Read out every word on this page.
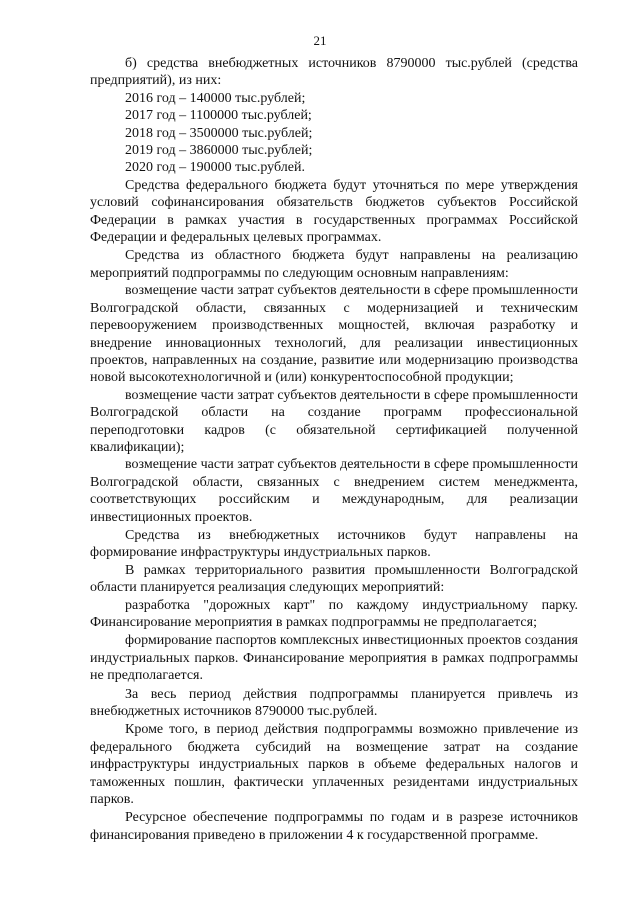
21

б) средства внебюджетных источников 8790000 тыс.рублей (средства предприятий), из них:

2016 год – 140000 тыс.рублей;

2017 год – 1100000 тыс.рублей;

2018 год – 3500000 тыс.рублей;

2019 год – 3860000 тыс.рублей;

2020 год – 190000 тыс.рублей.

Средства федерального бюджета будут уточняться по мере утверждения условий софинансирования обязательств бюджетов субъектов Российской Федерации в рамках участия в государственных программах Российской Федерации и федеральных целевых программах.

Средства из областного бюджета будут направлены на реализацию мероприятий подпрограммы по следующим основным направлениям:

возмещение части затрат субъектов деятельности в сфере промышленности Волгоградской области, связанных с модернизацией и техническим перевооружением производственных мощностей, включая разработку и внедрение инновационных технологий, для реализации инвестиционных проектов, направленных на создание, развитие или модернизацию производства новой высокотехнологичной и (или) конкурентоспособной продукции;

возмещение части затрат субъектов деятельности в сфере промышленности Волгоградской области на создание программ профессиональной переподготовки кадров (с обязательной сертификацией полученной квалификации);

возмещение части затрат субъектов деятельности в сфере промышленности Волгоградской области, связанных с внедрением систем менеджмента, соответствующих российским и международным, для реализации инвестиционных проектов.

Средства из внебюджетных источников будут направлены на формирование инфраструктуры индустриальных парков.

В рамках территориального развития промышленности Волгоградской области планируется реализация следующих мероприятий:

разработка "дорожных карт" по каждому индустриальному парку. Финансирование мероприятия в рамках подпрограммы не предполагается;

формирование паспортов комплексных инвестиционных проектов создания индустриальных парков. Финансирование мероприятия в рамках подпрограммы не предполагается.

За весь период действия подпрограммы планируется привлечь из внебюджетных источников 8790000 тыс.рублей.

Кроме того, в период действия подпрограммы возможно привлечение из федерального бюджета субсидий на возмещение затрат на создание инфраструктуры индустриальных парков в объеме федеральных налогов и таможенных пошлин, фактически уплаченных резидентами индустриальных парков.

Ресурсное обеспечение подпрограммы по годам и в разрезе источников финансирования приведено в приложении 4 к государственной программе.
